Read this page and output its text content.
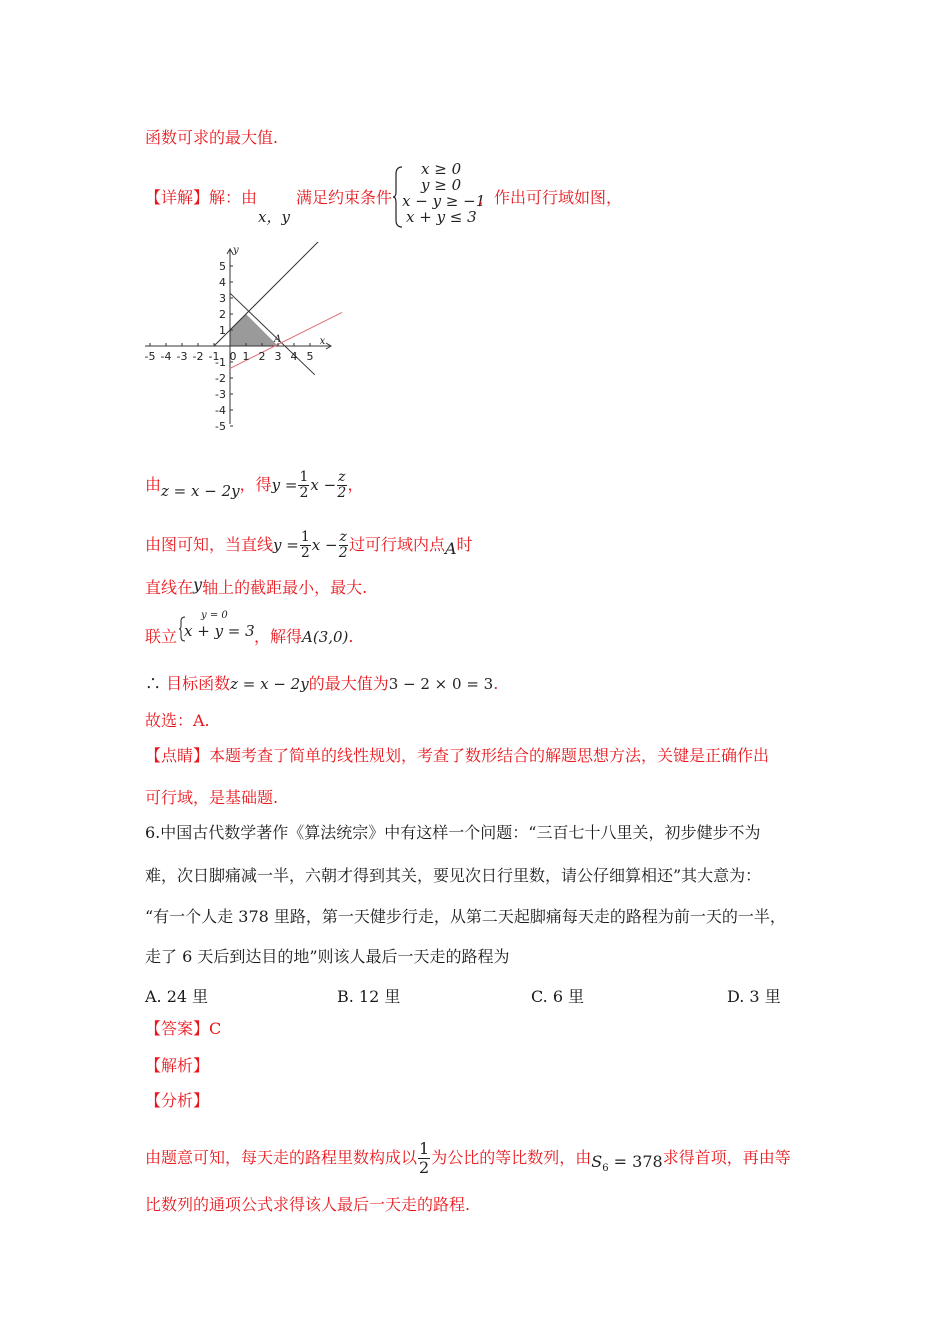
函数可求的最大值.
【详解】解：由
x，y
满足约束条件
x ≥ 0
y ≥ 0
x − y ≥ −1
x + y ≤ 3
，作出可行域如图，
-5 -4 -3 -2 -1 0 1 2 3 4 5
5
4
3
2
1
-1
-2
-3
-4
-5
x
y
A
由z = x − 2y，得$y = \frac{1}{2}$ $x - \frac{z}{2}$ ，
由图可知，当直线$y = \frac{1}{2}$ $x - \frac{z}{2}$ 过可行域内点A时
直线在y轴上的截距最小，最大.
联立
y = 0
x + y = 3 ，解得A(3,0).
∴ 目标函数z = x − 2y的最大值为3 − 2 × 0 = 3.
故选：A.
【点睛】本题考查了简单的线性规划，考查了数形结合的解题思想方法，关键是正确作出
可行域，是基础题.
6.中国古代数学著作《算法统宗》中有这样一个问题：“三百七十八里关，初步健步不为
难，次日脚痛减一半，六朝才得到其关，要见次日行里数，请公仔细算相还”其大意为：
“有一个人走 378 里路，第一天健步行走，从第二天起脚痛每天走的路程为前一天的一半，
走了 6 天后到达目的地”则该人最后一天走的路程为
A. 24 里	B. 12 里	C. 6 里	D. 3 里
【答案】C
【解析】
【分析】
由题意可知，每天走的路程里数构成以 $\frac{1}{2}$ 为公比的等比数列，由$S_6 = 378$求得首项，再由等
比数列的通项公式求得该人最后一天走的路程.
